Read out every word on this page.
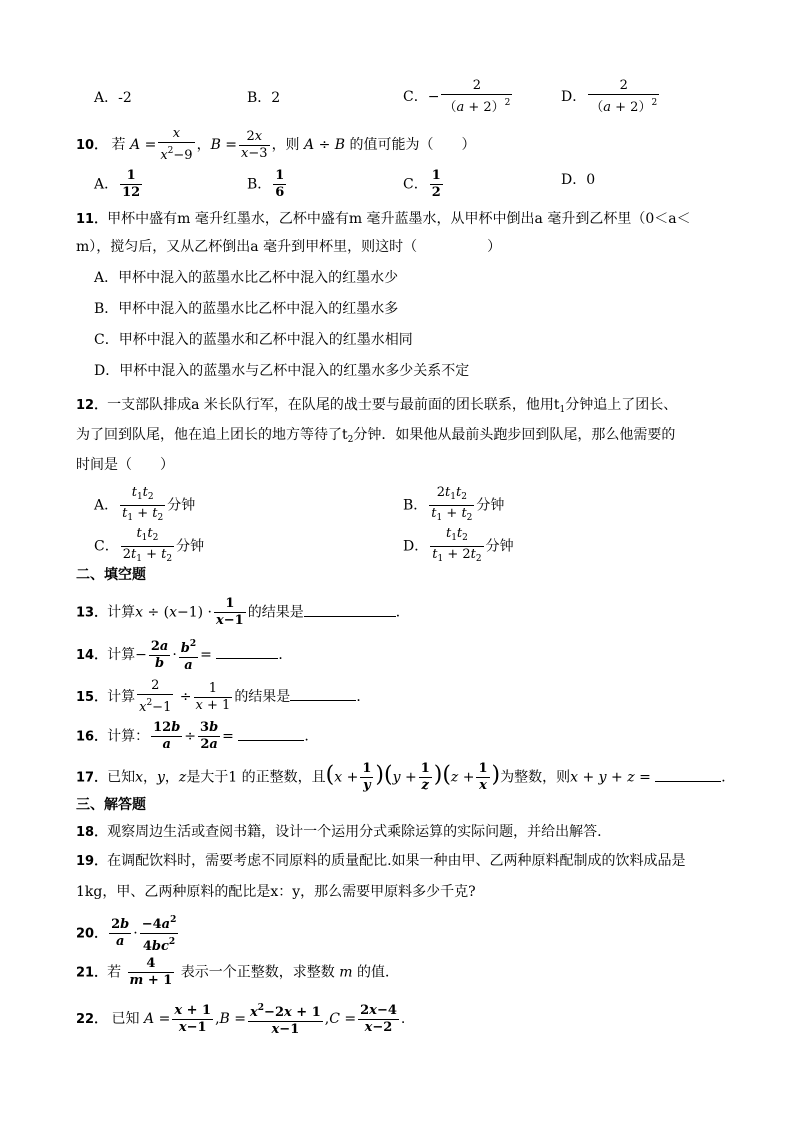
A．-2	B．2	C．− $\frac{2}{(a + 2)^2}$	D． $\frac{2}{(a + 2)^2}$
10． 若 $A = \frac{x}{x^2-9}$ ，$B = \frac{2x}{x-3}$ ，则 A ÷ B 的值可能为（　　）
A． $\frac{1}{12}$	B． $\frac{1}{6}$	C． $\frac{1}{2}$	D．0
11．甲杯中盛有m 毫升红墨水，乙杯中盛有m 毫升蓝墨水，从甲杯中倒出a 毫升到乙杯里（0＜a＜
m），搅匀后，又从乙杯倒出a 毫升到甲杯里，则这时（　　　　　）
A．甲杯中混入的蓝墨水比乙杯中混入的红墨水少
B．甲杯中混入的蓝墨水比乙杯中混入的红墨水多
C．甲杯中混入的蓝墨水和乙杯中混入的红墨水相同
D．甲杯中混入的蓝墨水与乙杯中混入的红墨水多少关系不定
12．一支部队排成a 米长队行军，在队尾的战士要与最前面的团长联系，他用$t_1$分钟追上了团长、
为了回到队尾，他在追上团长的地方等待了$t_2$分钟．如果他从最前头跑步回到队尾，那么他需要的
时间是（　　）
A． $\frac{t_1t_2}{t_1 + t_2}$ 分钟	B． $\frac{2t_1t_2}{t_1 + t_2}$ 分钟
C． $\frac{t_1t_2}{2t_1 + t_2}$ 分钟	D． $\frac{t_1t_2}{t_1 + 2t_2}$ 分钟
二、填空题
13．计算$x \div (x-1) \cdot \frac{1}{x-1}$ 的结果是	．
14．计算− $\frac{2a}{b} \cdot \frac{b^2}{a}$ =	．
15．计算 $\frac{2}{x^2-1} \div \frac{1}{x + 1}$ 的结果是	．
16．计算： $\frac{12b}{a} \div \frac{3b}{2a}$ =	.
17．已知x，y，z是大于1 的正整数，且$(x + \frac{1}{y} )(y + \frac{1}{z} )(z + \frac{1}{x}$ )为整数，则x + y + z =	．
三、解答题
18．观察周边生活或查阅书籍，设计一个运用分式乘除运算的实际问题，并给出解答.
19．在调配饮料时，需要考虑不同原料的质量配比.如果一种由甲、乙两种原料配制成的饮料成品是
1kg，甲、乙两种原料的配比是x：y，那么需要甲原料多少千克?
20． $\frac{2b}{a} \cdot \frac{-4a^2}{4bc^2}$
21．若 $\frac{4}{m + 1}$ 表示一个正整数，求整数 m 的值．
22． 已知 $A = \frac{x + 1}{x-1} ,B = \frac{x^2-2x + 1}{x-1} ,C = \frac{2x-4}{x-2}$ .
